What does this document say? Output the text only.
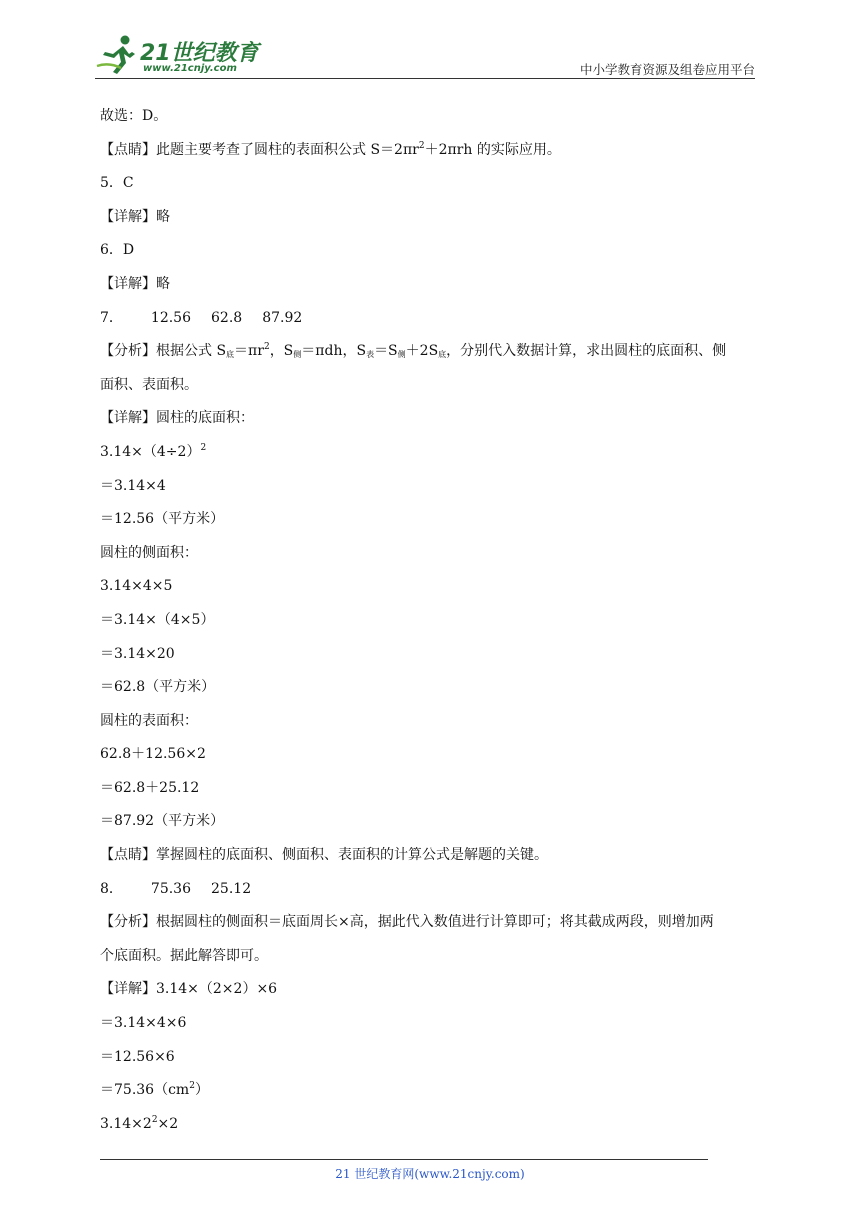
21世纪教育
www.21cnjy.com	中小学教育资源及组卷应用平台
故选：D。
【点睛】此题主要考查了圆柱的表面积公式 $S=2\pi r^2+2\pi rh$ 的实际应用。
5．C
【详解】略
6．D
【详解】略
7． 12.56 62.8 87.92
【分析】根据公式 $S_底=\pi r^2$，$S_侧=\pi dh$，$S_表=S_侧+2S_底$，分别代入数据计算，求出圆柱的底面积、侧
面积、表面积。
【详解】圆柱的底面积：
$3.14\times(4\div 2)^2$
＝3.14×4
＝12.56（平方米）
圆柱的侧面积：
3.14×4×5
＝3.14×（4×5）
＝3.14×20
＝62.8（平方米）
圆柱的表面积：
62.8＋12.56×2
＝62.8＋25.12
＝87.92（平方米）
【点睛】掌握圆柱的底面积、侧面积、表面积的计算公式是解题的关键。
8． 75.36 25.12
【分析】根据圆柱的侧面积＝底面周长×高，据此代入数值进行计算即可；将其截成两段，则增加两
个底面积。据此解答即可。
【详解】3.14×（2×2）×6
＝3.14×4×6
＝12.56×6
$=75.36(cm^2)$
$3.14\times 2^2\times 2$
21 世纪教育网(www.21cnjy.com)
